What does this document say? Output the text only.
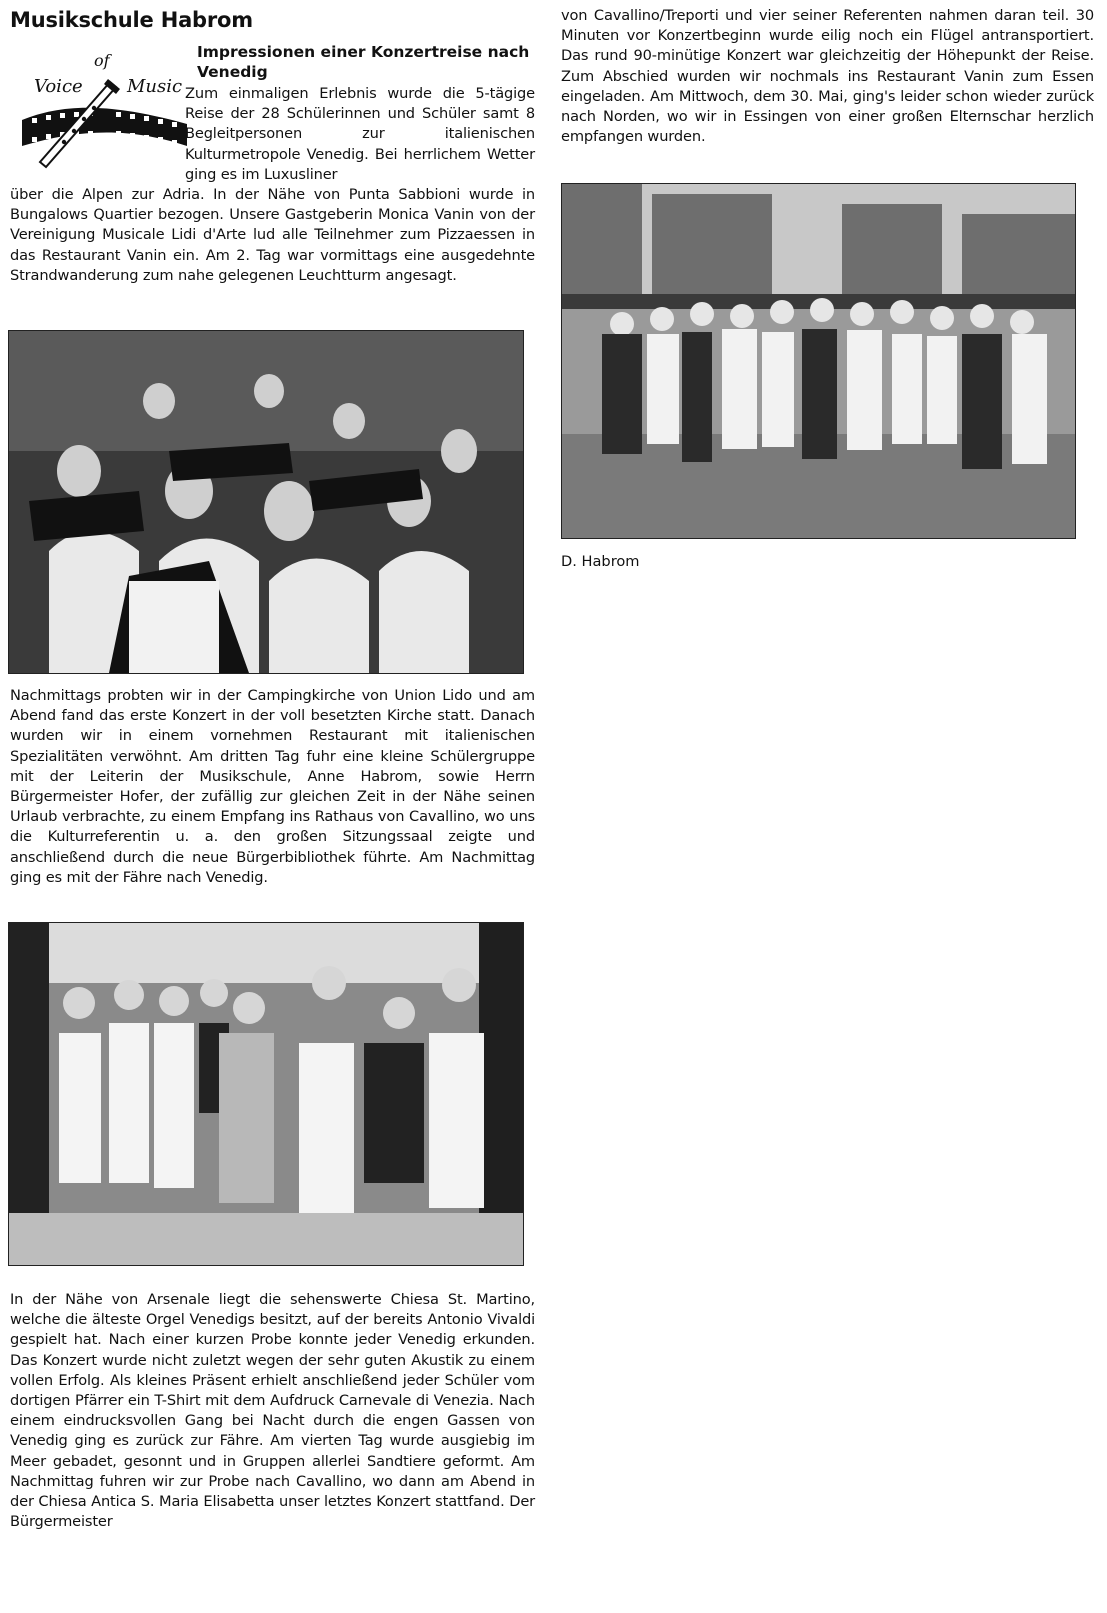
Musikschule Habrom
Voice
of
Music
Impressionen einer Konzertreise nach Venedig

Zum einmaligen Erlebnis wurde die 5-tägige Reise der 28 Schülerinnen und Schüler samt 8 Begleitpersonen zur italienischen Kulturmetropole Venedig. Bei herrlichem Wetter ging es im Luxusliner

über die Alpen zur Adria. In der Nähe von Punta Sabbioni wurde in Bungalows Quartier bezogen. Unsere Gastgeberin Monica Vanin von der Vereinigung Musicale Lidi d'Arte lud alle Teilnehmer zum Pizzaessen in das Restaurant Vanin ein. Am 2. Tag war vormittags eine ausgedehnte Strandwanderung zum nahe gelegenen Leuchtturm angesagt.

Nachmittags probten wir in der Campingkirche von Union Lido und am Abend fand das erste Konzert in der voll besetzten Kirche statt. Danach wurden wir in einem vornehmen Restaurant mit italienischen Spezialitäten verwöhnt. Am dritten Tag fuhr eine kleine Schülergruppe mit der Leiterin der Musikschule, Anne Habrom, sowie Herrn Bürgermeister Hofer, der zufällig zur gleichen Zeit in der Nähe seinen Urlaub verbrachte, zu einem Empfang ins Rathaus von Cavallino, wo uns die Kulturreferentin u. a. den großen Sitzungssaal zeigte und anschließend durch die neue Bürgerbibliothek führte. Am Nachmittag ging es mit der Fähre nach Venedig.

In der Nähe von Arsenale liegt die sehenswerte Chiesa St. Martino, welche die älteste Orgel Venedigs besitzt, auf der bereits Antonio Vivaldi gespielt hat. Nach einer kurzen Probe konnte jeder Venedig erkunden. Das Konzert wurde nicht zuletzt wegen der sehr guten Akustik zu einem vollen Erfolg. Als kleines Präsent erhielt anschließend jeder Schüler vom dortigen Pfärrer ein T-Shirt mit dem Aufdruck Carnevale di Venezia. Nach einem eindrucksvollen Gang bei Nacht durch die engen Gassen von Venedig ging es zurück zur Fähre. Am vierten Tag wurde ausgiebig im Meer gebadet, gesonnt und in Gruppen allerlei Sandtiere geformt. Am Nachmittag fuhren wir zur Probe nach Cavallino, wo dann am Abend in der Chiesa Antica S. Maria Elisabetta unser letztes Konzert stattfand. Der Bürgermeister

von Cavallino/Treporti und vier seiner Referenten nahmen daran teil. 30 Minuten vor Konzertbeginn wurde eilig noch ein Flügel antransportiert. Das rund 90-minütige Konzert war gleichzeitig der Höhepunkt der Reise. Zum Abschied wurden wir nochmals ins Restaurant Vanin zum Essen eingeladen. Am Mittwoch, dem 30. Mai, ging's leider schon wieder zurück nach Norden, wo wir in Essingen von einer großen Elternschar herzlich empfangen wurden.

D. Habrom
